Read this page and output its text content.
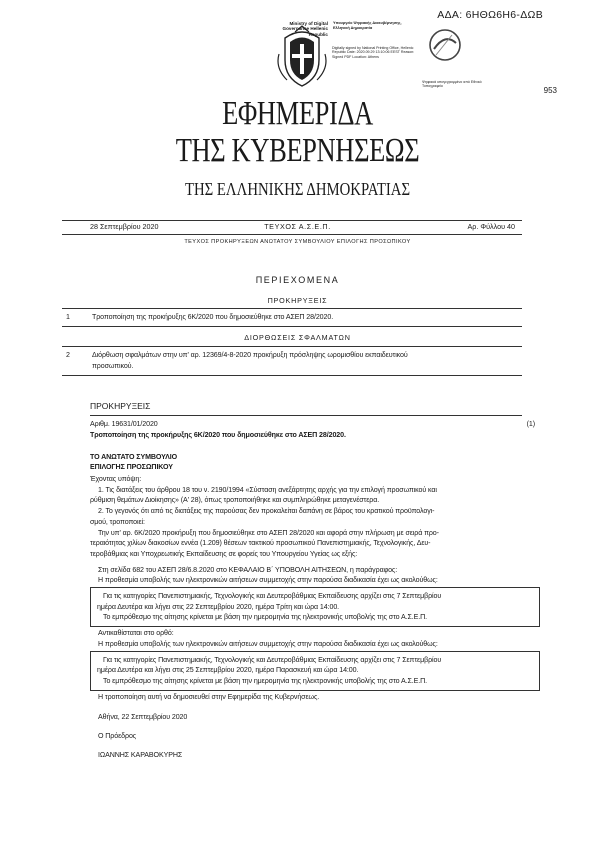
ΑΔΑ: 6ΗΘΩ6Η6-ΔΩΒ
953
Ministry of Digital Governance Hellenic Republic
Υπουργείο Ψηφιακής Διακυβέρνησης, Ελληνική Δημοκρατία
Digitally signed by National Printing Office, Hellenic Republic Date: 2020.09.29 13:10:06 EEST Reason: Signed PDF Location: Athens
Ψηφιακά υπογεγραμμένο από Εθνικό Τυπογραφείο
ΕΦΗΜΕΡΙΔΑ
ΤΗΣ ΚΥΒΕΡΝΗΣΕΩΣ
ΤΗΣ ΕΛΛΗΝΙΚΗΣ ΔΗΜΟΚΡΑΤΙΑΣ
28 Σεπτεμβρίου 2020	ΤΕΥΧΟΣ Α.Σ.Ε.Π.	Αρ. Φύλλου 40
ΤΕΥΧΟΣ ΠΡΟΚΗΡΥΞΕΩΝ ΑΝΩΤΑΤΟΥ ΣΥΜΒΟΥΛΙΟΥ ΕΠΙΛΟΓΗΣ ΠΡΟΣΩΠΙΚΟΥ
ΠΕΡΙΕΧΟΜΕΝΑ
ΠΡΟΚΗΡΥΞΕΙΣ
1	Τροποποίηση της προκήρυξης 6Κ/2020 που δημοσιεύθηκε στο ΑΣΕΠ 28/2020.
ΔΙΟΡΘΩΣΕΙΣ ΣΦΑΛΜΑΤΩΝ
2	Διόρθωση σφαλμάτων στην υπ' αρ. 12369/4-8-2020 προκήρυξη πρόσληψης ωρομισθίου εκπαιδευτικού
προσωπικού.
ΠΡΟΚΗΡΥΞΕΙΣ
Αριθμ. 19631/01/2020	(1)
Τροποποίηση της προκήρυξης 6Κ/2020 που δημοσιεύθηκε στο ΑΣΕΠ 28/2020.
ΤΟ ΑΝΩΤΑΤΟ ΣΥΜΒΟΥΛΙΟ
ΕΠΙΛΟΓΗΣ ΠΡΟΣΩΠΙΚΟΥ
Έχοντας υπόψη:
1. Τις διατάξεις του άρθρου 18 του ν. 2190/1994 «Σύσταση ανεξάρτητης αρχής για την επιλογή προσωπικού και
ρύθμιση θεμάτων Διοίκησης» (Α' 28), όπως τροποποιήθηκε και συμπληρώθηκε μεταγενέστερα.
2. Το γεγονός ότι από τις διατάξεις της παρούσας δεν προκαλείται δαπάνη σε βάρος του κρατικού προϋπολογι-
σμού, τροποποιεί:
Την υπ' αρ. 6Κ/2020 προκήρυξη που δημοσιεύθηκε στο ΑΣΕΠ 28/2020 και αφορά στην πλήρωση με σειρά προ-
τεραιότητας χιλίων διακοσίων εννέα (1.209) θέσεων τακτικού προσωπικού Πανεπιστημιακής, Τεχνολογικής, Δευ-
τεροβάθμιας και Υποχρεωτικής Εκπαίδευσης σε φορείς του Υπουργείου Υγείας ως εξής:
Στη σελίδα 682 του ΑΣΕΠ 28/6.8.2020 στο ΚΕΦΑΛΑΙΟ Β΄ ΥΠΟΒΟΛΗ ΑΙΤΗΣΕΩΝ, η παράγραφος:
Η προθεσμία υποβολής των ηλεκτρονικών αιτήσεων συμμετοχής στην παρούσα διαδικασία έχει ως ακολούθως:
Για τις κατηγορίες Πανεπιστημιακής, Τεχνολογικής και Δευτεροβάθμιας Εκπαίδευσης αρχίζει στις 7 Σεπτεμβρίου
ημέρα Δευτέρα και λήγει στις 22 Σεπτεμβρίου 2020, ημέρα Τρίτη και ώρα 14:00.
Το εμπρόθεσμο της αίτησης κρίνεται με βάση την ημερομηνία της ηλεκτρονικής υποβολής της στο Α.Σ.Ε.Π.
Αντικαθίσταται στο ορθό:
Η προθεσμία υποβολής των ηλεκτρονικών αιτήσεων συμμετοχής στην παρούσα διαδικασία έχει ως ακολούθως:
Για τις κατηγορίες Πανεπιστημιακής, Τεχνολογικής και Δευτεροβάθμιας Εκπαίδευσης αρχίζει στις 7 Σεπτεμβρίου
ημέρα Δευτέρα και λήγει στις 25 Σεπτεμβρίου 2020, ημέρα Παρασκευή και ώρα 14:00.
Το εμπρόθεσμο της αίτησης κρίνεται με βάση την ημερομηνία της ηλεκτρονικής υποβολής της στο Α.Σ.Ε.Π.
Η τροποποίηση αυτή να δημοσιευθεί στην Εφημερίδα της Κυβερνήσεως.
Αθήνα, 22 Σεπτεμβρίου 2020
Ο Πρόεδρος
ΙΩΑΝΝΗΣ ΚΑΡΑΒΟΚΥΡΗΣ
